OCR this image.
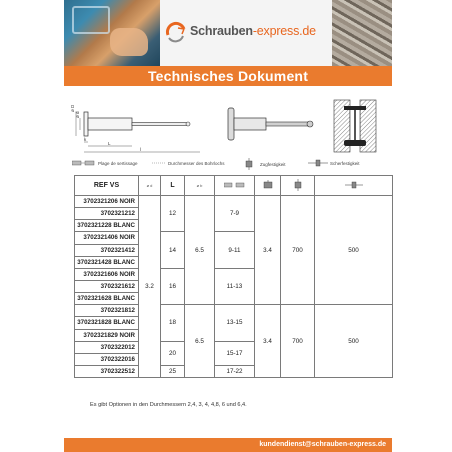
Schrauben-express.de
Technisches Dokument
ø D
ø d
k
L
l
Plage de sertissage	Durchmesser des Bohrlochs	Zugfestigkeit	Scherfestigkeit
REF VS	ø d	L	ø b				
3702321206 NOIR	3.2	12	6.5	7-9	3.4	700	500
3702321212							
3702321228 BLANC							
3702321406 NOIR		14		9-11			
3702321412							
3702321428 BLANC							
3702321606 NOIR		16		11-13			
3702321612							
3702321628 BLANC							
3702321812		18	6.5	13-15	3.4	700	500
3702321828 BLANC							
3702321829 NOIR							
3702322012		20		15-17			
3702322016							
3702322512		25		17-22			
Es gibt Optionen in den Durchmessern 2,4, 3, 4, 4,8, 6 und 6,4.
kundendienst@schrauben-express.de
